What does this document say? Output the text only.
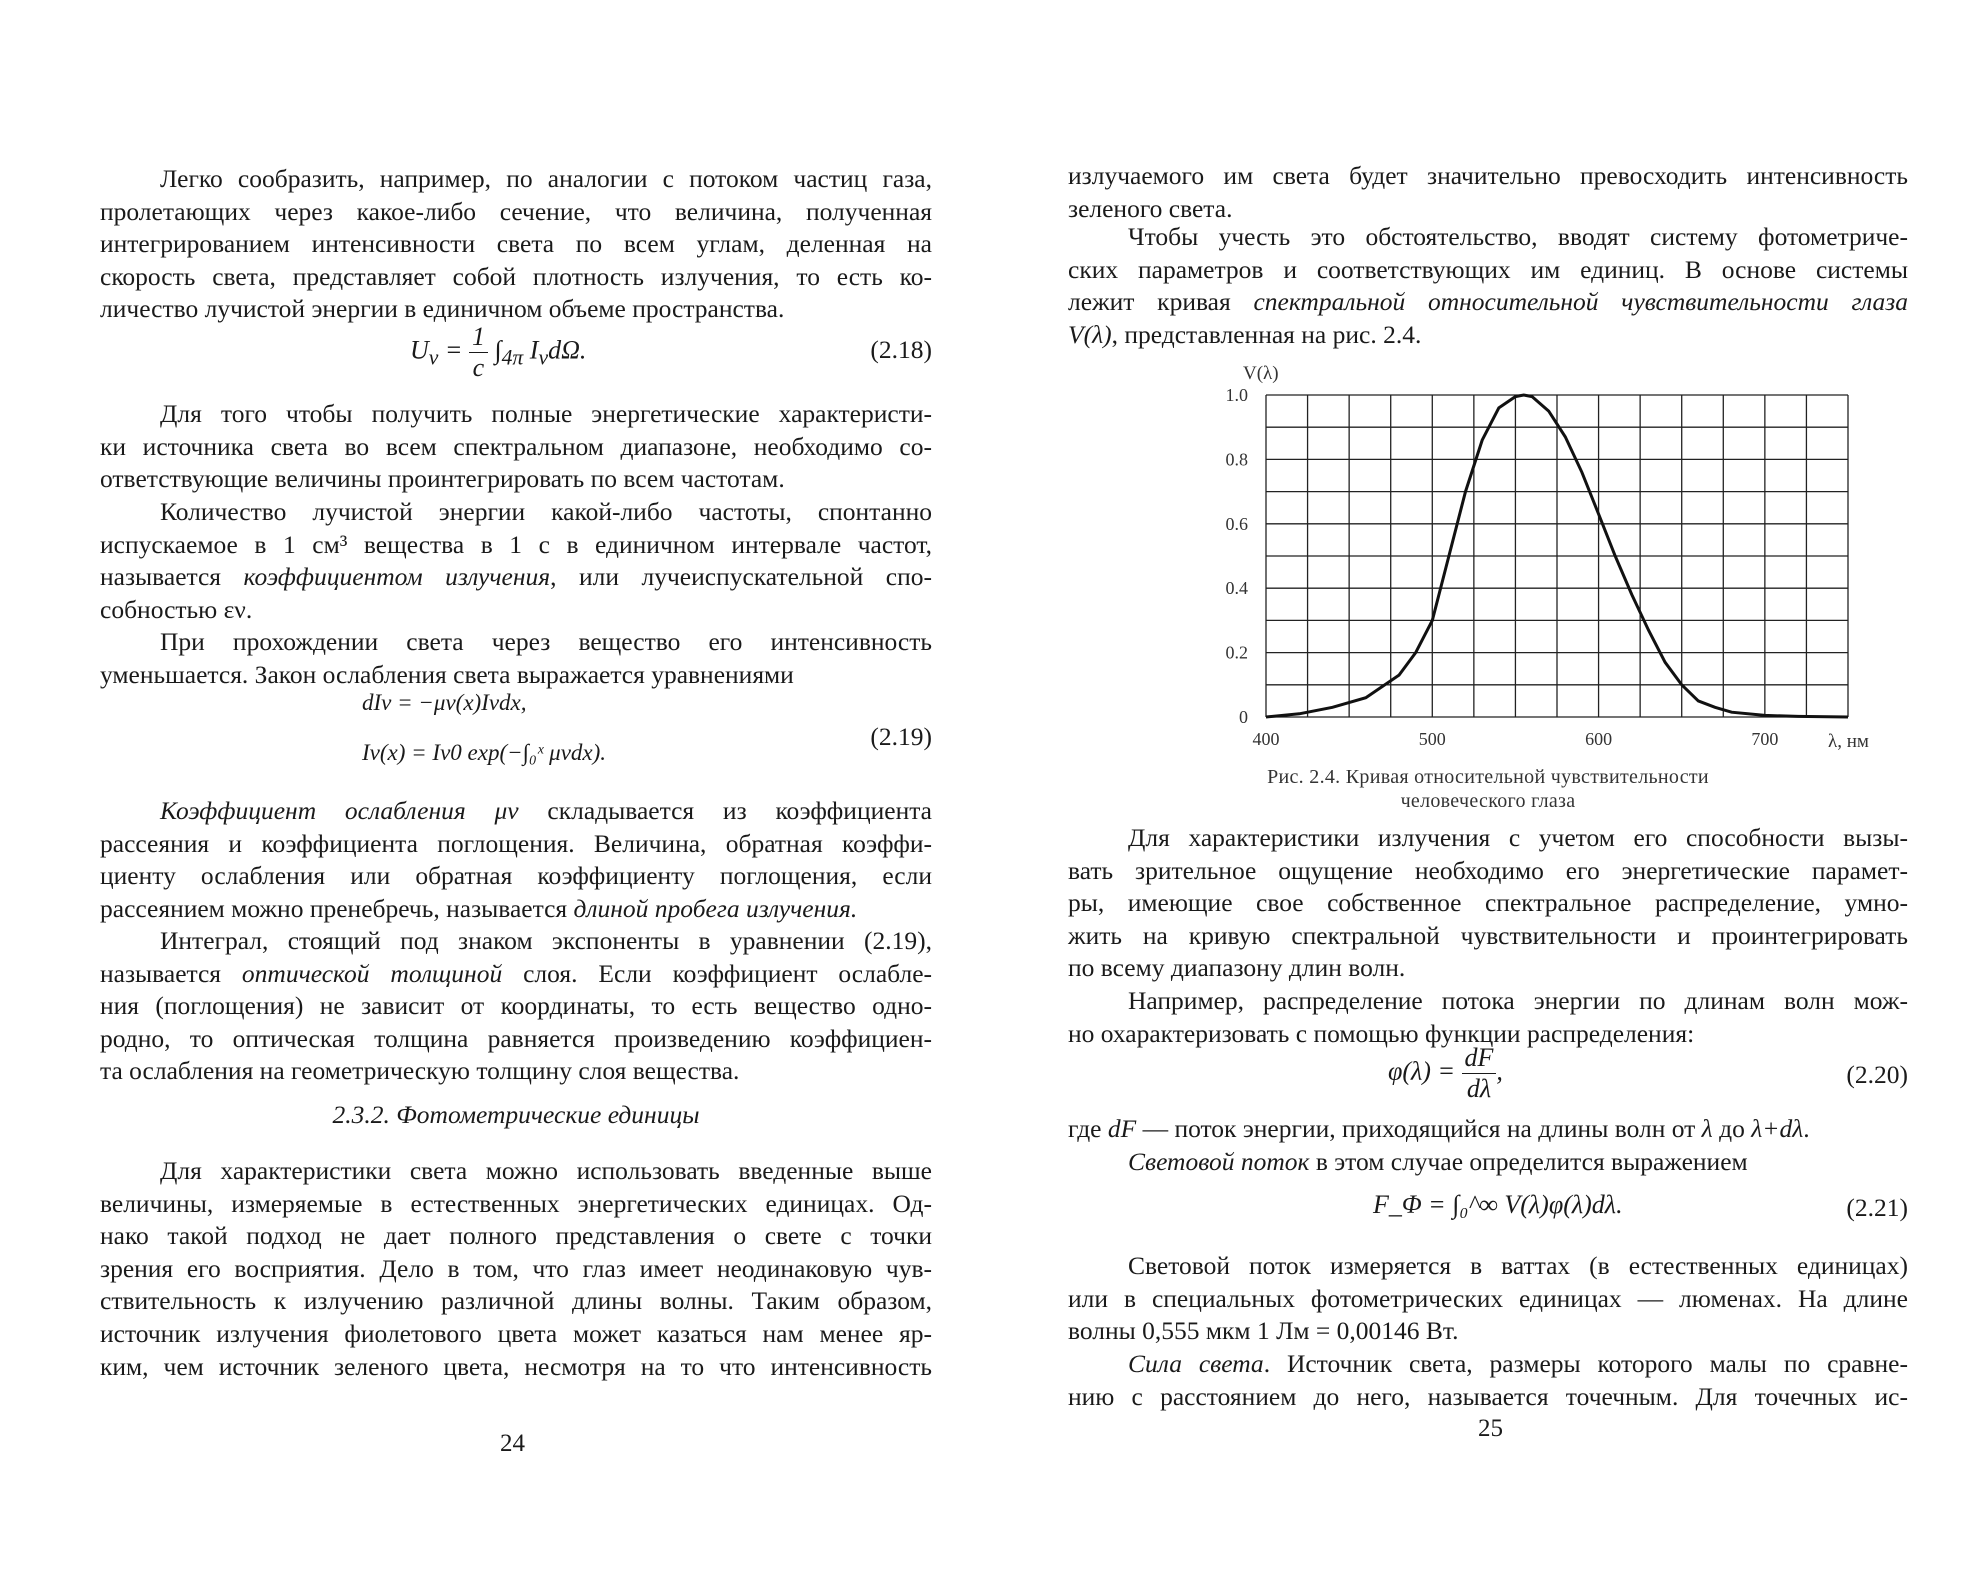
Легко сообразить, например, по аналогии с потоком частиц газа,
пролетающих через какое-либо сечение, что величина, полученная
интегрированием интенсивности света по всем углам, деленная на
скорость света, представляет собой плотность излучения, то есть ко-
личество лучистой энергии в единичном объеме пространства.
$U_\nu = \frac{1}{c} \int_{4\pi}$ $I_\nu d\Omega$.	(2.18)
Для того чтобы получить полные энергетические характеристи-
ки источника света во всем спектральном диапазоне, необходимо со-
ответствующие величины проинтегрировать по всем частотам.
Количество лучистой энергии какой-либо частоты, спонтанно
испускаемое в 1 см³ вещества в 1 с в единичном интервале частот,
называется коэффициентом излучения, или лучеиспускательной спо-
собностью εν.
При прохождении света через вещество его интенсивность
уменьшается. Закон ослабления света выражается уравнениями
dIν = −μν(x)Iνdx,
Iν(x) = Iν0 exp(−∫₀ˣ μνdx).
(2.19)
Коэффициент ослабления μν складывается из коэффициента
рассеяния и коэффициента поглощения. Величина, обратная коэффи-
циенту ослабления или обратная коэффициенту поглощения, если
рассеянием можно пренебречь, называется длиной пробега излучения.
Интеграл, стоящий под знаком экспоненты в уравнении (2.19),
называется оптической толщиной слоя. Если коэффициент ослабле-
ния (поглощения) не зависит от координаты, то есть вещество одно-
родно, то оптическая толщина равняется произведению коэффициен-
та ослабления на геометрическую толщину слоя вещества.
2.3.2. Фотометрические единицы
Для характеристики света можно использовать введенные выше
величины, измеряемые в естественных энергетических единицах. Од-
нако такой подход не дает полного представления о свете с точки
зрения его восприятия. Дело в том, что глаз имеет неодинаковую чув-
ствительность к излучению различной длины волны. Таким образом,
источник излучения фиолетового цвета может казаться нам менее яр-
ким, чем источник зеленого цвета, несмотря на то что интенсивность
24
излучаемого им света будет значительно превосходить интенсивность
зеленого света.
Чтобы учесть это обстоятельство, вводят систему фотометриче-
ских параметров и соответствующих им единиц. В основе системы
лежит кривая спектральной относительной чувствительности глаза
V(λ), представленная на рис. 2.4.
0
0.2
0.4
0.6
0.8
1.0
400	500	600	700
V(λ)
λ, нм
Рис. 2.4. Кривая относительной чувствительности
человеческого глаза
Для характеристики излучения с учетом его способности вызы-
вать зрительное ощущение необходимо его энергетические парамет-
ры, имеющие свое собственное спектральное распределение, умно-
жить на кривую спектральной чувствительности и проинтегрировать
по всему диапазону длин волн.
Например, распределение потока энергии по длинам волн мож-
но охарактеризовать с помощью функции распределения:
$\varphi(\lambda) = \frac{dF}{d\lambda}$ ,	(2.20)
где dF — поток энергии, приходящийся на длины волн от λ до λ+dλ.
Световой поток в этом случае определится выражением
F_Φ = ∫₀^∞ V(λ)φ(λ)dλ.	(2.21)
Световой поток измеряется в ваттах (в естественных единицах)
или в специальных фотометрических единицах — люменах. На длине
волны 0,555 мкм 1 Лм = 0,00146 Вт.
Сила света. Источник света, размеры которого малы по сравне-
нию с расстоянием до него, называется точечным. Для точечных ис-
25
